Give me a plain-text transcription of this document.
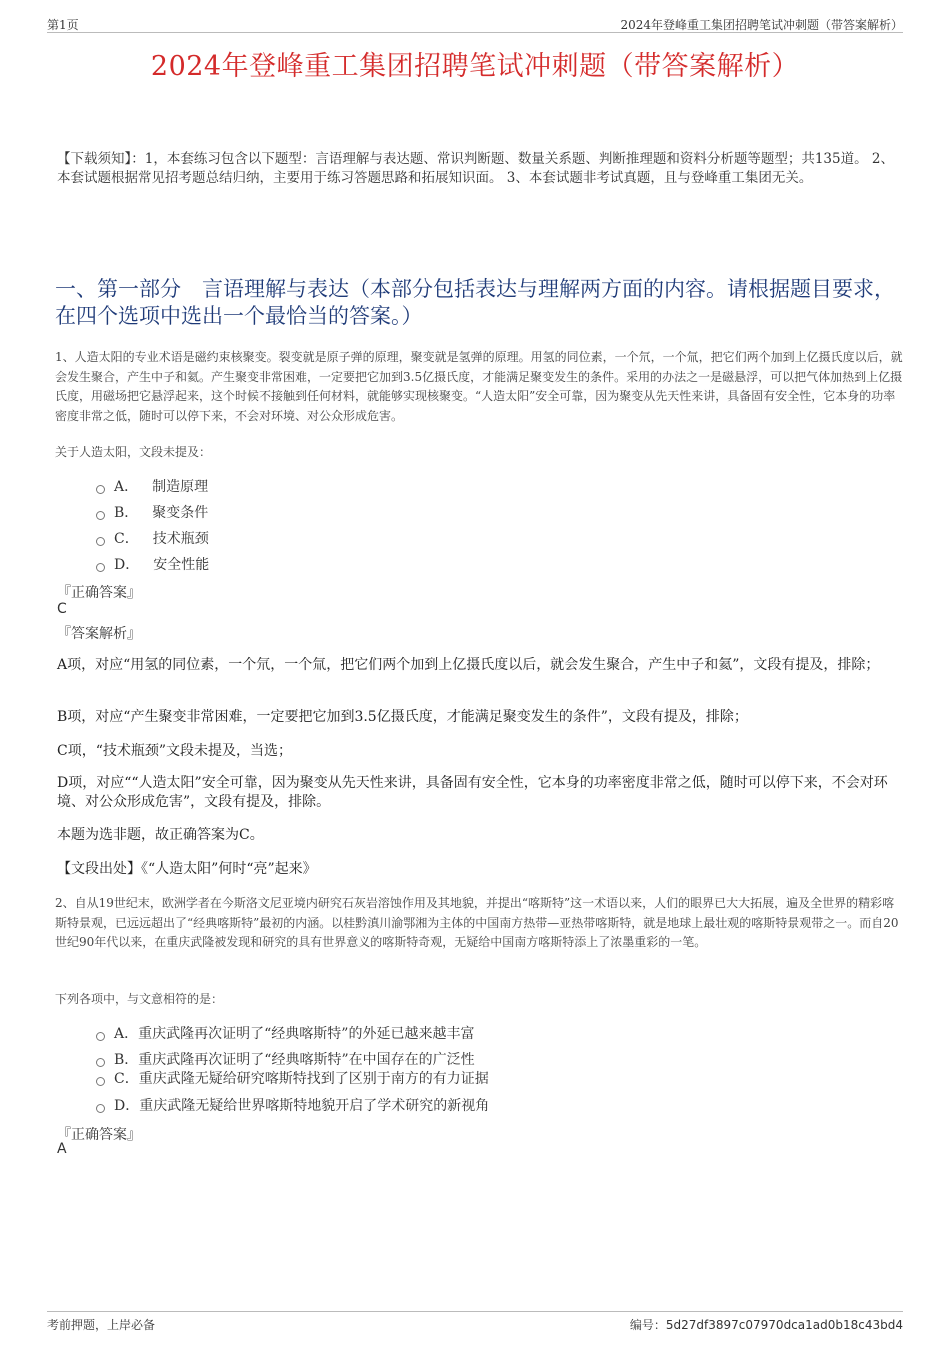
第1页	2024年登峰重工集团招聘笔试冲刺题（带答案解析）
2024年登峰重工集团招聘笔试冲刺题（带答案解析）
【下载须知】：1，本套练习包含以下题型：言语理解与表达题、常识判断题、数量关系题、判断推理题和资料分析题等题型；共135道。 2、本套试题根据常见招考题总结归纳，主要用于练习答题思路和拓展知识面。 3、本套试题非考试真题，且与登峰重工集团无关。
一、第一部分　言语理解与表达（本部分包括表达与理解两方面的内容。请根据题目要求，在四个选项中选出一个最恰当的答案。）
1、人造太阳的专业术语是磁约束核聚变。裂变就是原子弹的原理，聚变就是氢弹的原理。用氢的同位素，一个氘，一个氚，把它们两个加到上亿摄氏度以后，就会发生聚合，产生中子和氦。产生聚变非常困难，一定要把它加到3.5亿摄氏度，才能满足聚变发生的条件。采用的办法之一是磁悬浮，可以把气体加热到上亿摄氏度，用磁场把它悬浮起来，这个时候不接触到任何材料，就能够实现核聚变。“人造太阳”安全可靠，因为聚变从先天性来讲，具备固有安全性，它本身的功率密度非常之低，随时可以停下来，不会对环境、对公众形成危害。
关于人造太阳，文段未提及：
A． 制造原理
B． 聚变条件
C． 技术瓶颈
D． 安全性能
『正确答案』
C
『答案解析』
A项，对应“用氢的同位素，一个氘，一个氚，把它们两个加到上亿摄氏度以后，就会发生聚合，产生中子和氦”，文段有提及，排除；
B项，对应“产生聚变非常困难，一定要把它加到3.5亿摄氏度，才能满足聚变发生的条件”，文段有提及，排除；
C项，“技术瓶颈”文段未提及，当选；
D项，对应““人造太阳”安全可靠，因为聚变从先天性来讲，具备固有安全性，它本身的功率密度非常之低，随时可以停下来，不会对环境、对公众形成危害”，文段有提及，排除。
本题为选非题，故正确答案为C。
【文段出处】《“人造太阳”何时“亮”起来》
2、自从19世纪末，欧洲学者在今斯洛文尼亚境内研究石灰岩溶蚀作用及其地貌，并提出“喀斯特”这一术语以来，人们的眼界已大大拓展，遍及全世界的精彩喀斯特景观，已远远超出了“经典喀斯特”最初的内涵。以桂黔滇川渝鄂湘为主体的中国南方热带—亚热带喀斯特，就是地球上最壮观的喀斯特景观带之一。而自20世纪90年代以来，在重庆武隆被发现和研究的具有世界意义的喀斯特奇观，无疑给中国南方喀斯特添上了浓墨重彩的一笔。
下列各项中，与文意相符的是：
A． 重庆武隆再次证明了“经典喀斯特”的外延已越来越丰富
B． 重庆武隆再次证明了“经典喀斯特”在中国存在的广泛性
C． 重庆武隆无疑给研究喀斯特找到了区别于南方的有力证据
D． 重庆武隆无疑给世界喀斯特地貌开启了学术研究的新视角
『正确答案』
A
考前押题，上岸必备	编号：5d27df3897c07970dca1ad0b18c43bd4
